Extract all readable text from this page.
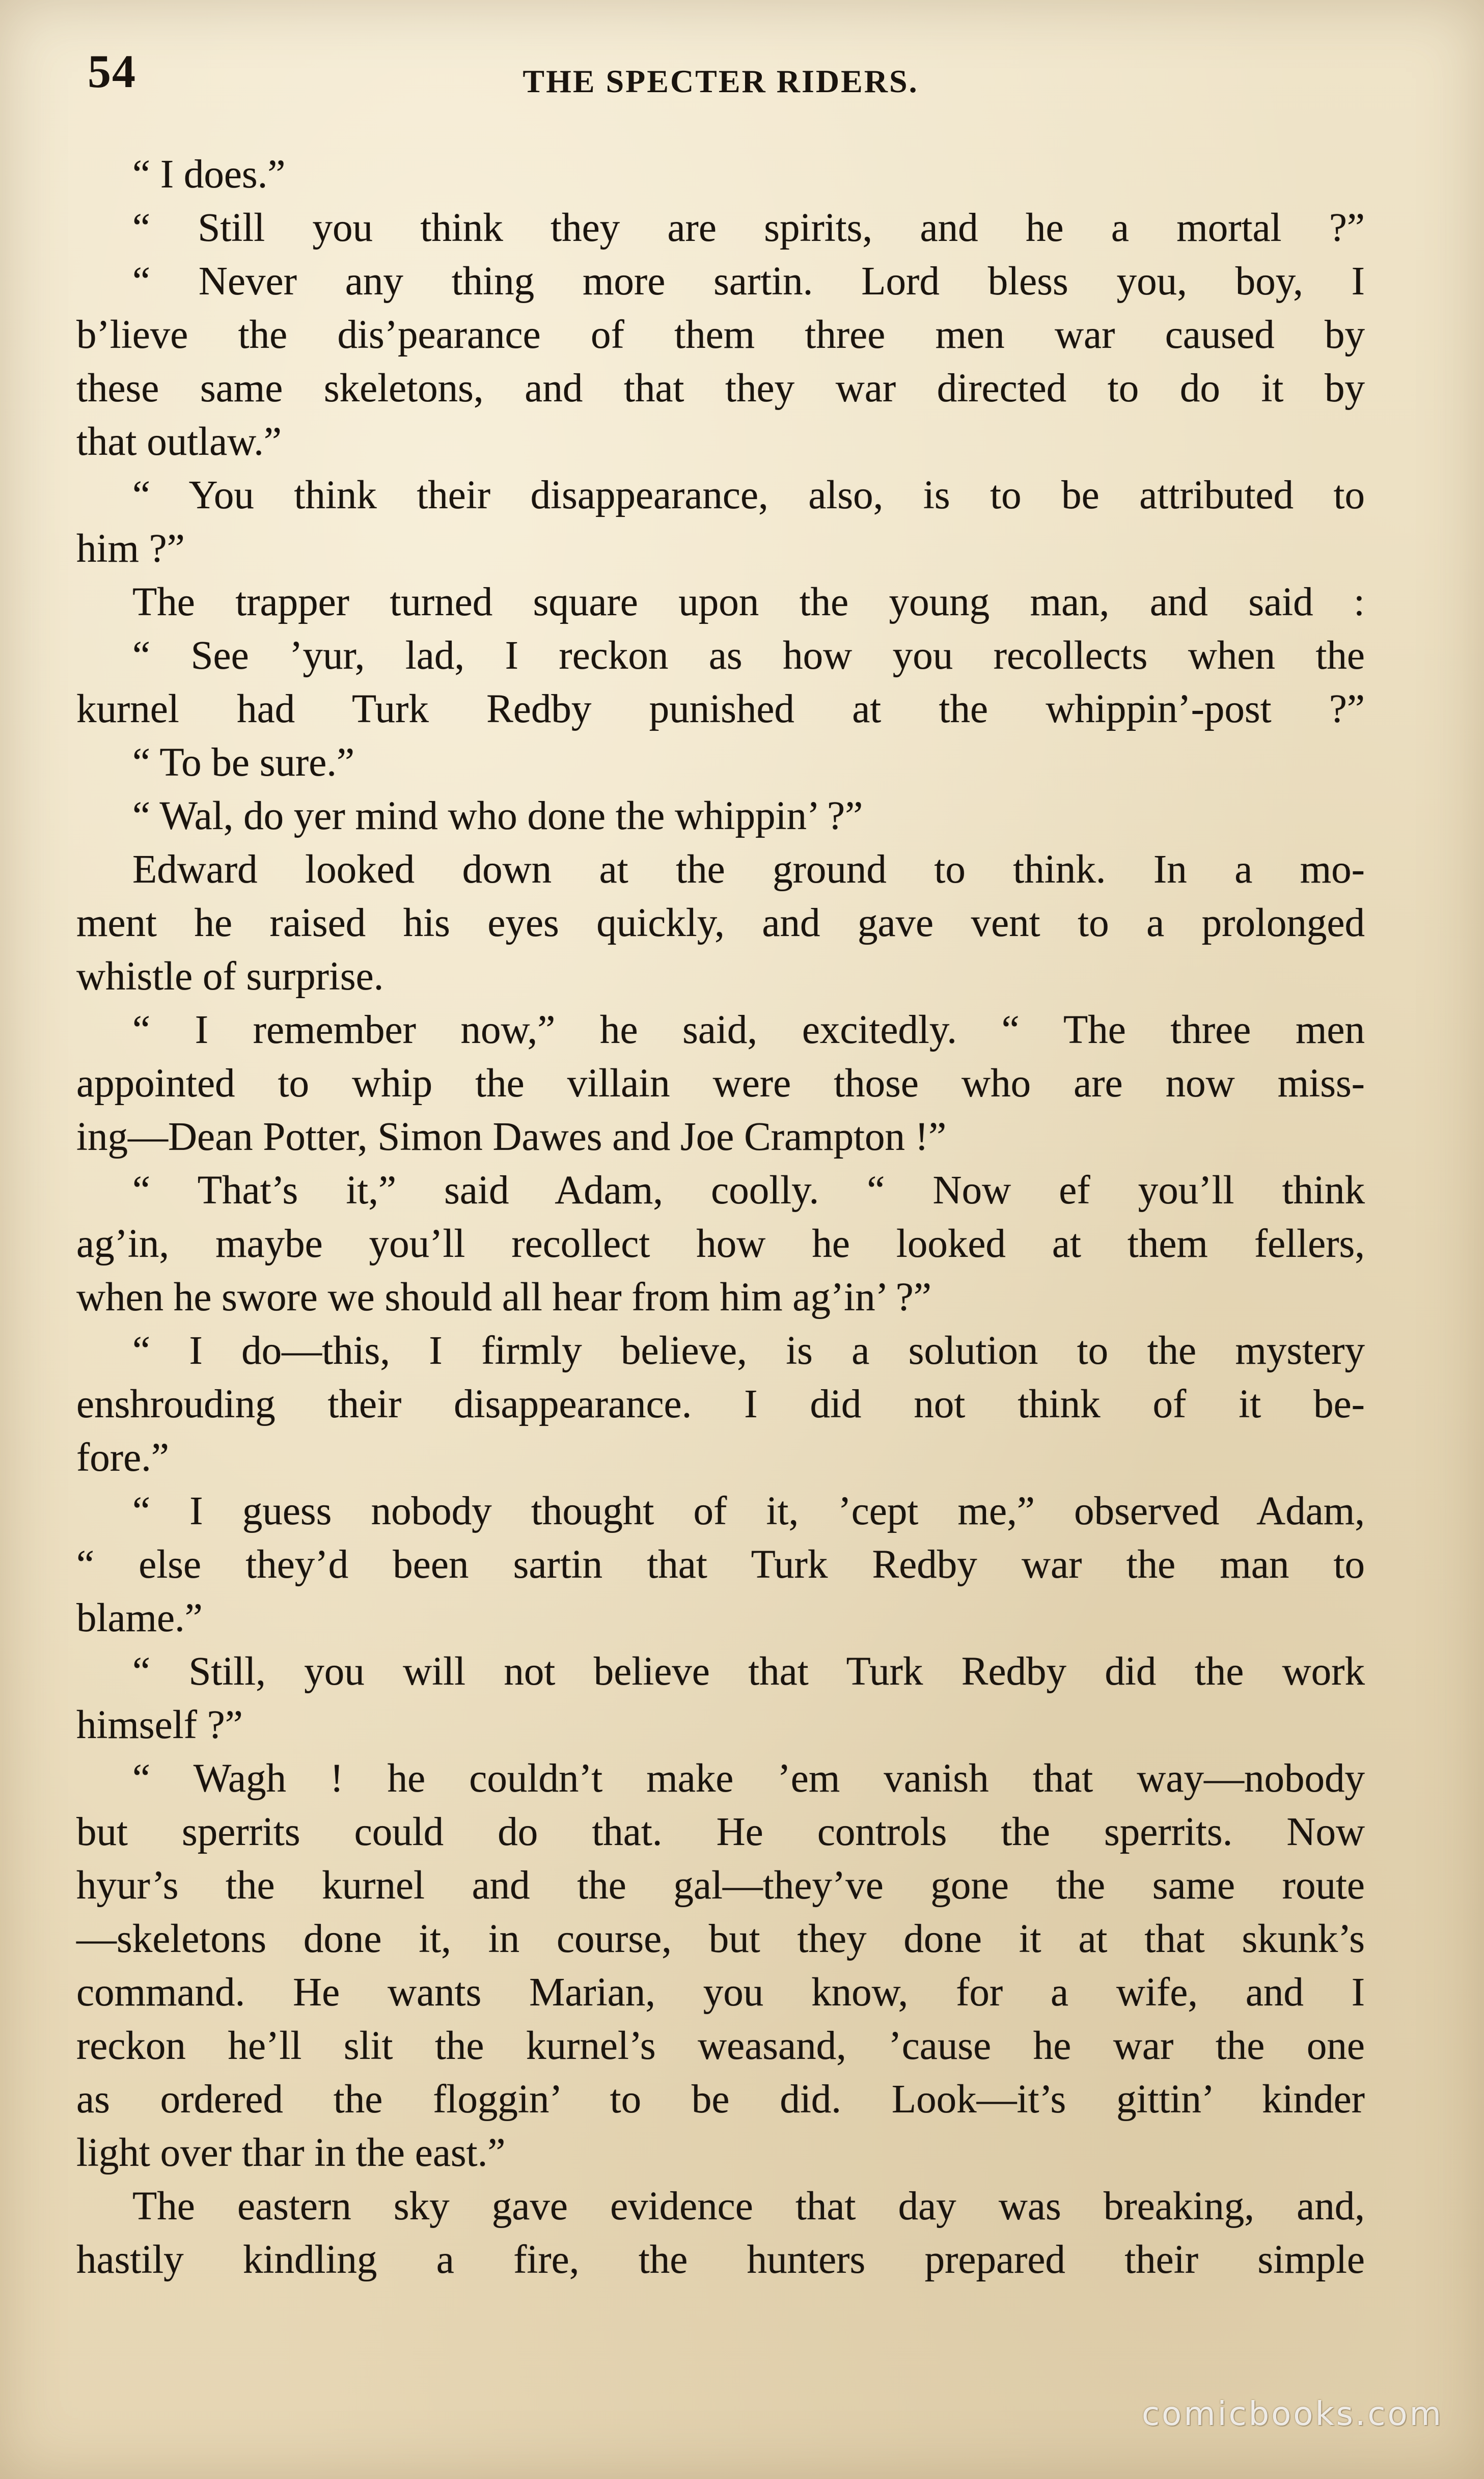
54	THE SPECTER RIDERS.
“ I does.”
“ Still you think they are spirits, and he a mortal ?”
“ Never any thing more sartin. Lord bless you, boy, I
b’lieve the dis’pearance of them three men war caused by
these same skeletons, and that they war directed to do it by
that outlaw.”
“ You think their disappearance, also, is to be attributed to
him ?”
The trapper turned square upon the young man, and said :
“ See ’yur, lad, I reckon as how you recollects when the
kurnel had Turk Redby punished at the whippin’-post ?”
“ To be sure.”
“ Wal, do yer mind who done the whippin’ ?”
Edward looked down at the ground to think. In a mo-
ment he raised his eyes quickly, and gave vent to a prolonged
whistle of surprise.
“ I remember now,” he said, excitedly. “ The three men
appointed to whip the villain were those who are now miss-
ing—Dean Potter, Simon Dawes and Joe Crampton !”
“ That’s it,” said Adam, coolly. “ Now ef you’ll think
ag’in, maybe you’ll recollect how he looked at them fellers,
when he swore we should all hear from him ag’in’ ?”
“ I do—this, I firmly believe, is a solution to the mystery
enshrouding their disappearance. I did not think of it be-
fore.”
“ I guess nobody thought of it, ’cept me,” observed Adam,
“ else they’d been sartin that Turk Redby war the man to
blame.”
“ Still, you will not believe that Turk Redby did the work
himself ?”
“ Wagh ! he couldn’t make ’em vanish that way—nobody
but sperrits could do that. He controls the sperrits. Now
hyur’s the kurnel and the gal—they’ve gone the same route
—skeletons done it, in course, but they done it at that skunk’s
command. He wants Marian, you know, for a wife, and I
reckon he’ll slit the kurnel’s weasand, ’cause he war the one
as ordered the floggin’ to be did. Look—it’s gittin’ kinder
light over thar in the east.”
The eastern sky gave evidence that day was breaking, and,
hastily kindling a fire, the hunters prepared their simple
comicbooks.com
